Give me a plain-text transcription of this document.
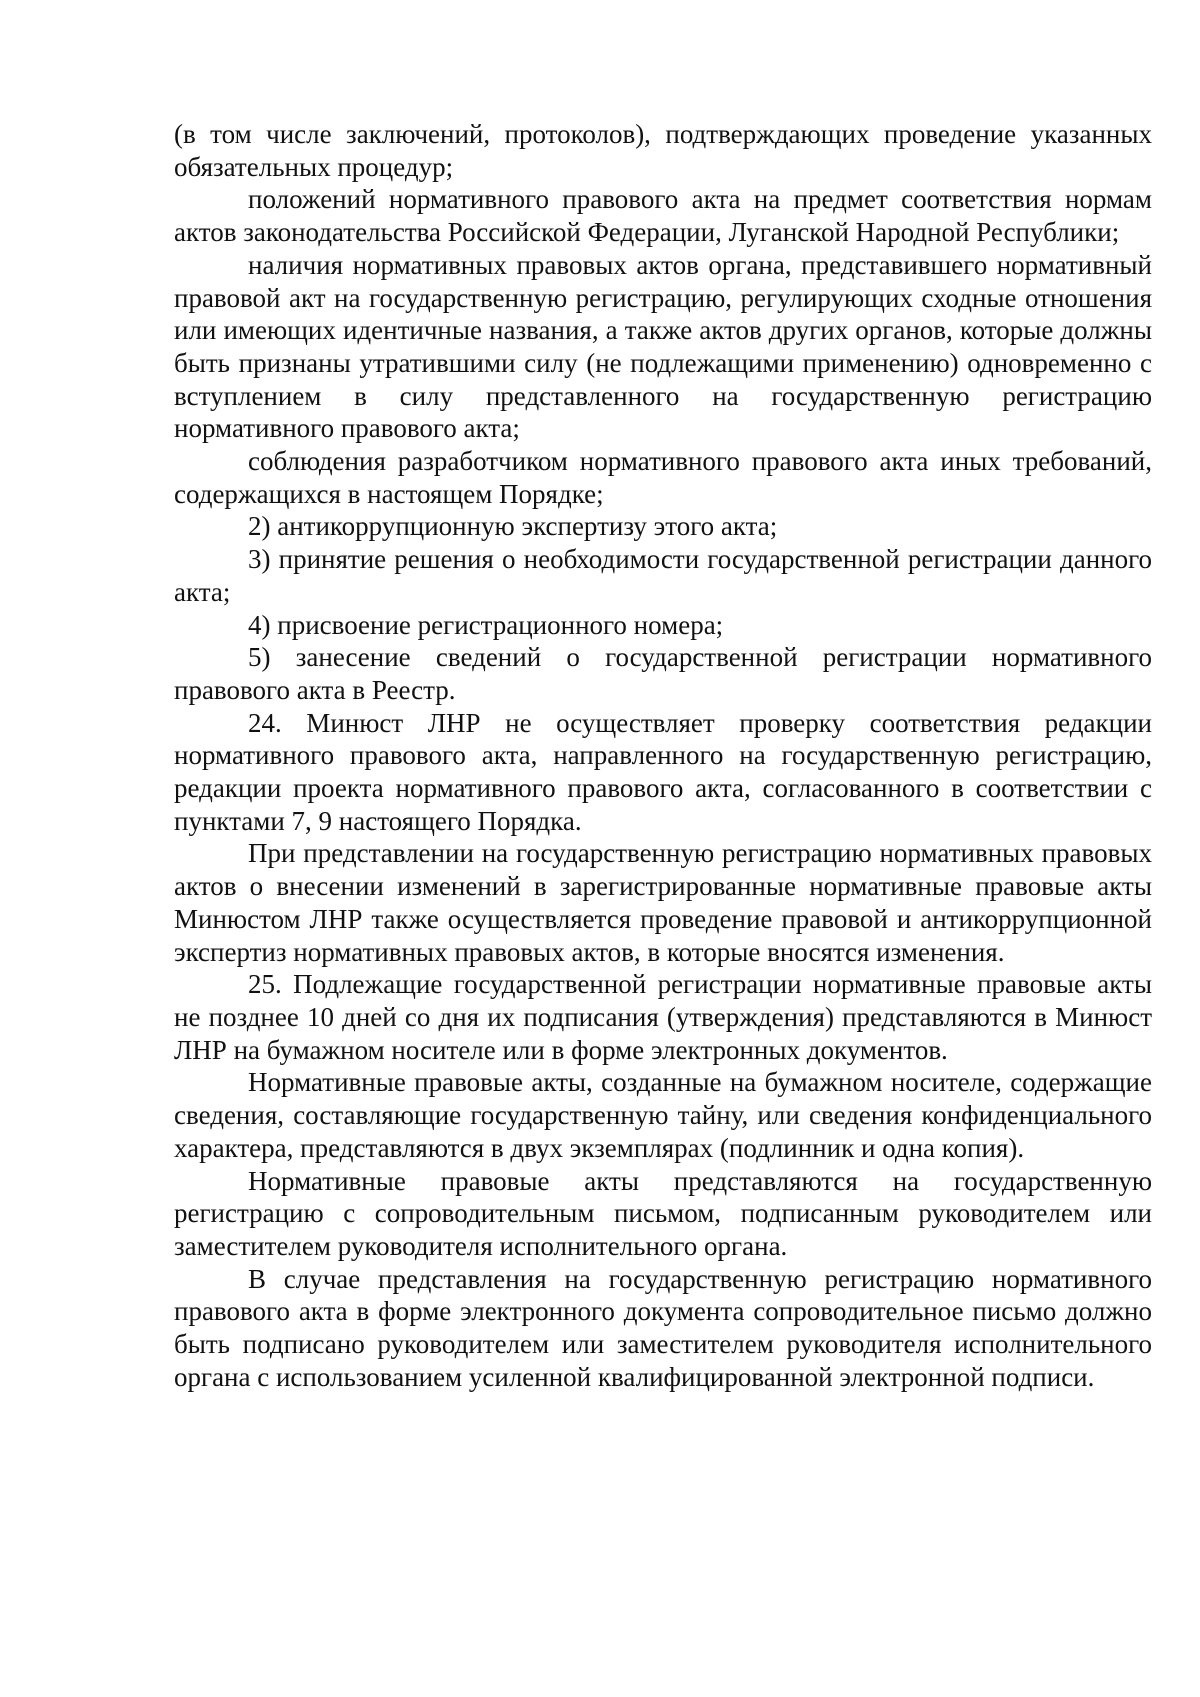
(в том числе заключений, протоколов), подтверждающих проведение указанных обязательных процедур;

положений нормативного правового акта на предмет соответствия нормам актов законодательства Российской Федерации, Луганской Народной Республики;

наличия нормативных правовых актов органа, представившего нормативный правовой акт на государственную регистрацию, регулирующих сходные отношения или имеющих идентичные названия, а также актов других органов, которые должны быть признаны утратившими силу (не подлежащими применению) одновременно с вступлением в силу представленного на государственную регистрацию нормативного правового акта;

соблюдения разработчиком нормативного правового акта иных требований, содержащихся в настоящем Порядке;

2) антикоррупционную экспертизу этого акта;

3) принятие решения о необходимости государственной регистрации данного акта;

4) присвоение регистрационного номера;

5) занесение сведений о государственной регистрации нормативного правового акта в Реестр.

24. Минюст ЛНР не осуществляет проверку соответствия редакции нормативного правового акта, направленного на государственную регистрацию, редакции проекта нормативного правового акта, согласованного в соответствии с пунктами 7, 9 настоящего Порядка.

При представлении на государственную регистрацию нормативных правовых актов о внесении изменений в зарегистрированные нормативные правовые акты Минюстом ЛНР также осуществляется проведение правовой и антикоррупционной экспертиз нормативных правовых актов, в которые вносятся изменения.

25. Подлежащие государственной регистрации нормативные правовые акты не позднее 10 дней со дня их подписания (утверждения) представляются в Минюст ЛНР на бумажном носителе или в форме электронных документов.

Нормативные правовые акты, созданные на бумажном носителе, содержащие сведения, составляющие государственную тайну, или сведения конфиденциального характера, представляются в двух экземплярах (подлинник и одна копия).

Нормативные правовые акты представляются на государственную регистрацию с сопроводительным письмом, подписанным руководителем или заместителем руководителя исполнительного органа.

В случае представления на государственную регистрацию нормативного правового акта в форме электронного документа сопроводительное письмо должно быть подписано руководителем или заместителем руководителя исполнительного органа с использованием усиленной квалифицированной электронной подписи.
